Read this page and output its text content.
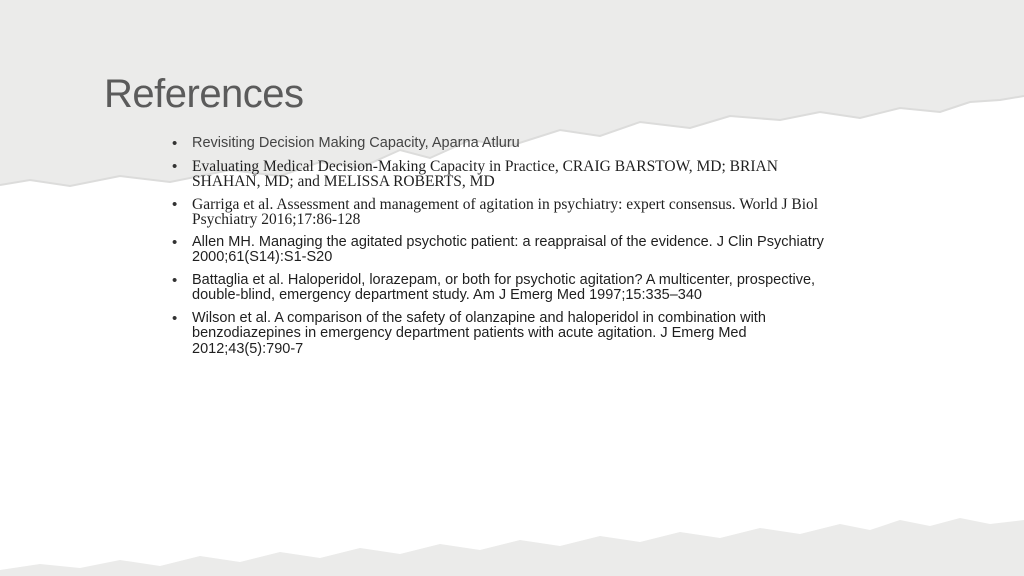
References
• Revisiting Decision Making Capacity, Aparna Atluru
• Evaluating Medical Decision-Making Capacity in Practice, CRAIG BARSTOW, MD; BRIAN SHAHAN, MD; and MELISSA ROBERTS, MD
• Garriga et al. Assessment and management of agitation in psychiatry: expert consensus. World J Biol Psychiatry 2016;17:86-128
• Allen MH. Managing the agitated psychotic patient: a reappraisal of the evidence. J Clin Psychiatry 2000;61(S14):S1-S20
• Battaglia et al. Haloperidol, lorazepam, or both for psychotic agitation? A multicenter, prospective, double-blind, emergency department study. Am J Emerg Med 1997;15:335–340
• Wilson et al. A comparison of the safety of olanzapine and haloperidol in combination with benzodiazepines in emergency department patients with acute agitation. J Emerg Med 2012;43(5):790-7
